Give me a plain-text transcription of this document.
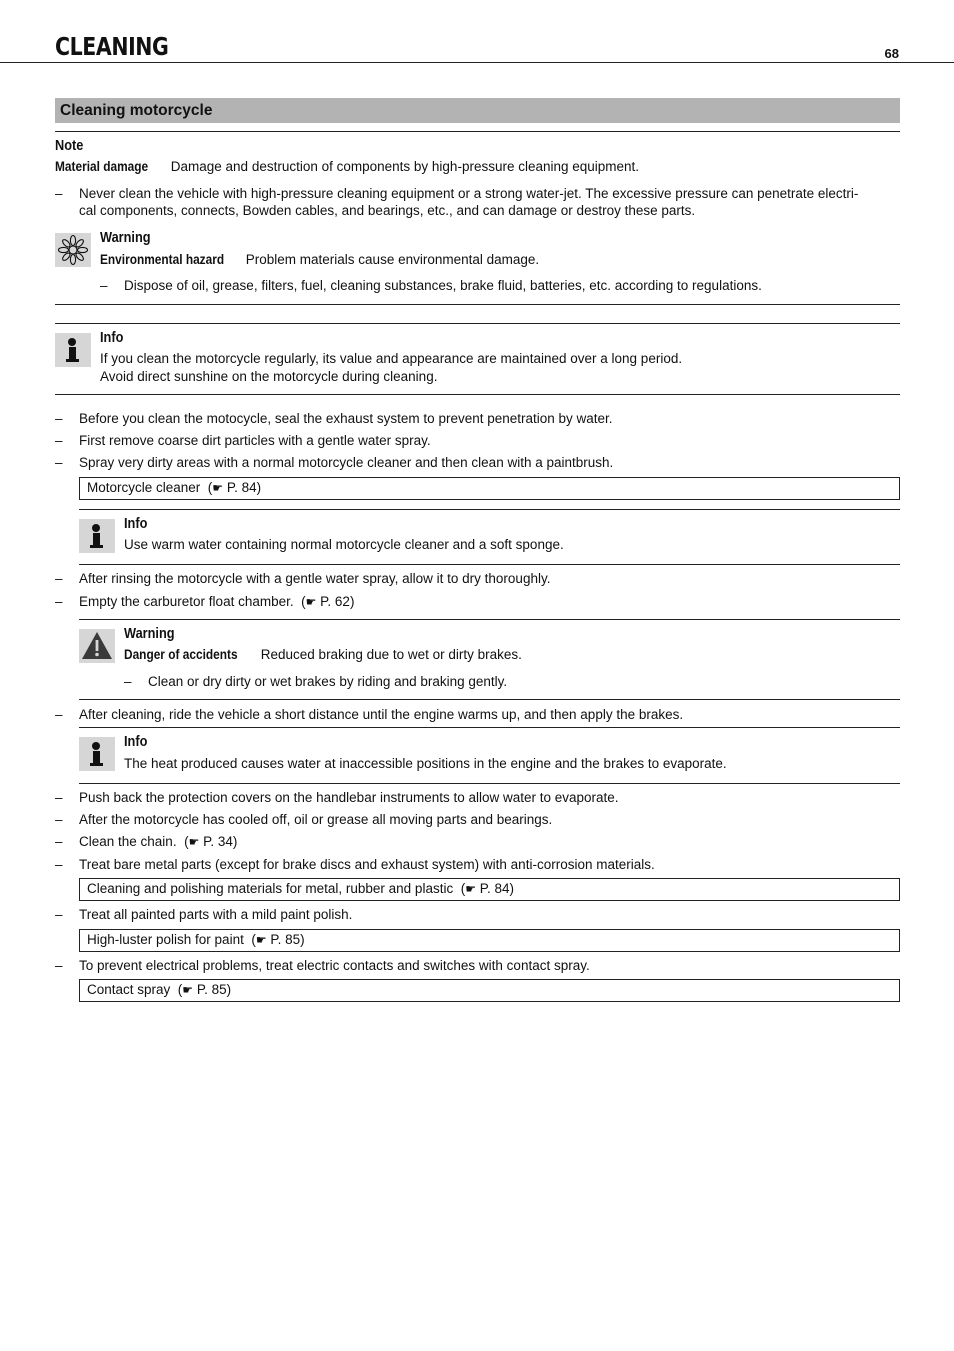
CLEANING	68
Cleaning motorcycle
Note
Material damage Damage and destruction of components by high-pressure cleaning equipment.
– Never clean the vehicle with high-pressure cleaning equipment or a strong water-jet. The excessive pressure can penetrate electri-
cal components, connects, Bowden cables, and bearings, etc., and can damage or destroy these parts.
Warning
Environmental hazard Problem materials cause environmental damage.
– Dispose of oil, grease, filters, fuel, cleaning substances, brake fluid, batteries, etc. according to regulations.
Info
If you clean the motorcycle regularly, its value and appearance are maintained over a long period.
Avoid direct sunshine on the motorcycle during cleaning.
– Before you clean the motocycle, seal the exhaust system to prevent penetration by water.
– First remove coarse dirt particles with a gentle water spray.
– Spray very dirty areas with a normal motorcycle cleaner and then clean with a paintbrush.
Motorcycle cleaner  (☛ P. 84)
Info
Use warm water containing normal motorcycle cleaner and a soft sponge.
– After rinsing the motorcycle with a gentle water spray, allow it to dry thoroughly.
– Empty the carburetor float chamber.  (☛ P. 62)
Warning
Danger of accidents Reduced braking due to wet or dirty brakes.
– Clean or dry dirty or wet brakes by riding and braking gently.
– After cleaning, ride the vehicle a short distance until the engine warms up, and then apply the brakes.
Info
The heat produced causes water at inaccessible positions in the engine and the brakes to evaporate.
– Push back the protection covers on the handlebar instruments to allow water to evaporate.
– After the motorcycle has cooled off, oil or grease all moving parts and bearings.
– Clean the chain.  (☛ P. 34)
– Treat bare metal parts (except for brake discs and exhaust system) with anti-corrosion materials.
Cleaning and polishing materials for metal, rubber and plastic  (☛ P. 84)
– Treat all painted parts with a mild paint polish.
High-luster polish for paint  (☛ P. 85)
– To prevent electrical problems, treat electric contacts and switches with contact spray.
Contact spray  (☛ P. 85)
